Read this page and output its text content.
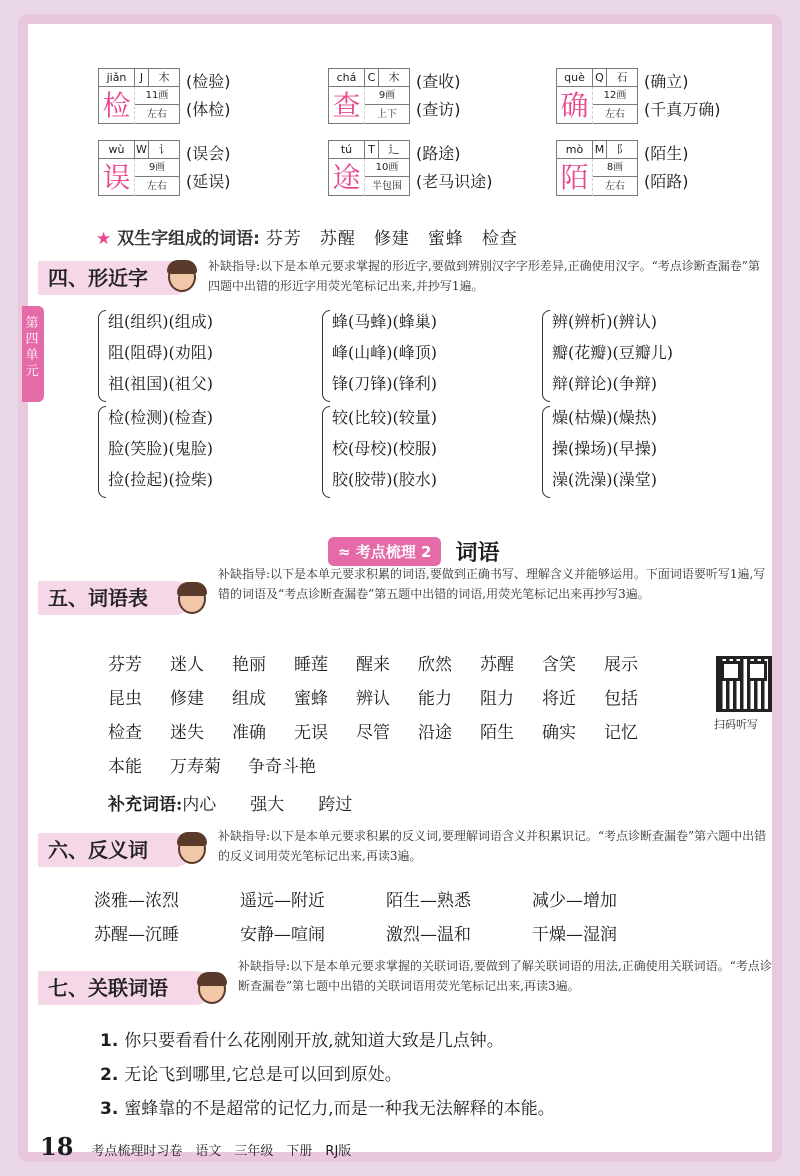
第四单元
jiǎn	J	木
检	11画
左右
(检验)
(体检)
chá	C	木
查	9画
上下
(查收)
(查访)
què Q	石
确	12画
左右
(确立)
(千真万确)
wù	W	讠
误	9画
左右
(误会)
(延误)
tú	T	辶
途	10画
半包围
(路途)
(老马识途)
mò	M	阝
陌	8画
左右
(陌生)
(陌路)
★ 双生字组成的词语: 芬芳　苏醒　修建　蜜蜂　检查
四、形近字	补缺指导:以下是本单元要求掌握的形近字,要做到辨别汉字字形差异,正确使用汉字。“考点诊断查漏卷”第四题中出错的形近字用荧光笔标记出来,并抄写1遍。
组(组织)(组成)
阻(阻碍)(劝阻)
祖(祖国)(祖父)
蜂(马蜂)(蜂巢)
峰(山峰)(峰顶)
锋(刀锋)(锋利)
辨(辨析)(辨认)
瓣(花瓣)(豆瓣儿)
辩(辩论)(争辩)
检(检测)(检查)
脸(笑脸)(鬼脸)
捡(捡起)(捡柴)
较(比较)(较量)
校(母校)(校服)
胶(胶带)(胶水)
燥(枯燥)(燥热)
操(操场)(早操)
澡(洗澡)(澡堂)
≈ 考点梳理 2	词语
五、词语表
补缺指导:以下是本单元要求积累的词语,要做到正确书写、理解含义并能够运用。下面词语要听写1遍,写错的词语及“考点诊断查漏卷”第五题中出错的词语,用荧光笔标记出来再抄写3遍。
芬芳	迷人	艳丽	睡莲	醒来	欣然	苏醒	含笑	展示
昆虫	修建	组成	蜜蜂	辨认	能力	阻力	将近	包括
检查	迷失	准确	无误	尽管	沿途	陌生	确实	记忆
本能	万寿菊	争奇斗艳
补充词语:内心　　强大　　跨过
扫码听写
六、反义词
补缺指导:以下是本单元要求积累的反义词,要理解词语含义并积累识记。“考点诊断查漏卷”第六题中出错的反义词用荧光笔标记出来,再读3遍。
淡雅—浓烈	遥远—附近	陌生—熟悉	减少—增加
苏醒—沉睡	安静—喧闹	激烈—温和	干燥—湿润
七、关联词语
补缺指导:以下是本单元要求掌握的关联词语,要做到了解关联词语的用法,正确使用关联词语。“考点诊断查漏卷”第七题中出错的关联词语用荧光笔标记出来,再读3遍。
1. 你只要看看什么花刚刚开放,就知道大致是几点钟。
2. 无论飞到哪里,它总是可以回到原处。
3. 蜜蜂靠的不是超常的记忆力,而是一种我无法解释的本能。
18 考点梳理时习卷　语文　三年级　下册　RJ版
